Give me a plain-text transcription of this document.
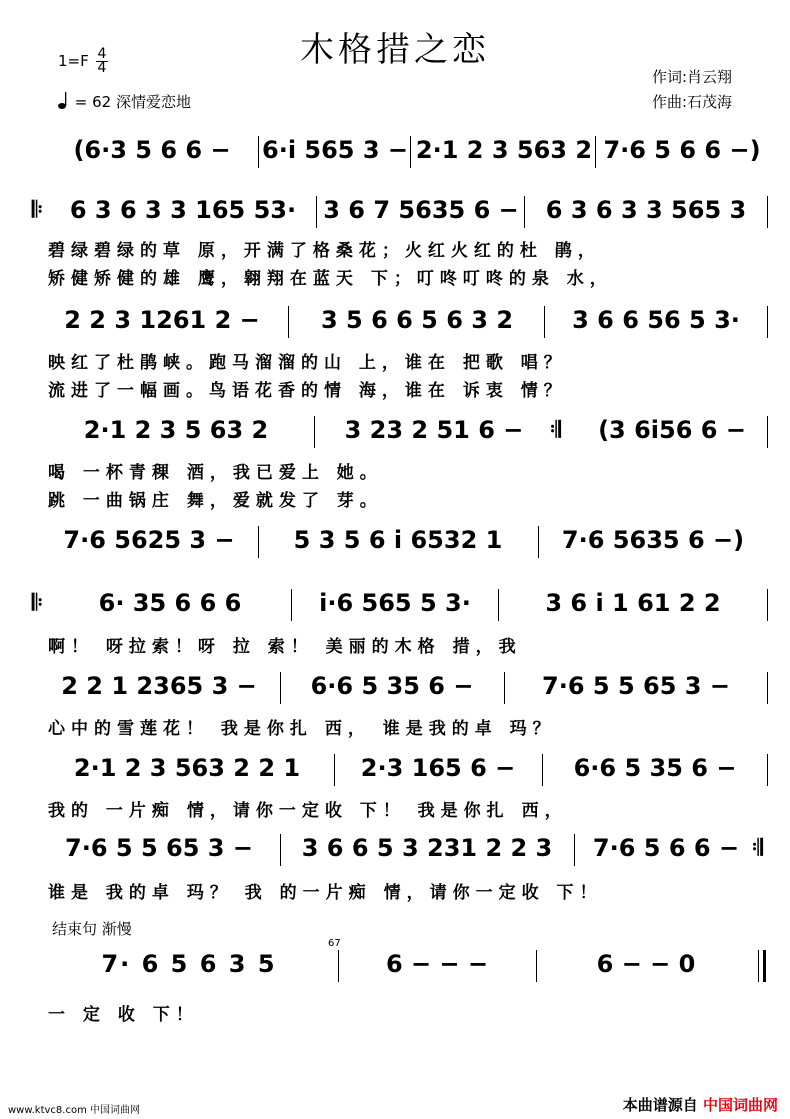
木格措之恋
$1=F \frac{4}{4}$
= 62 深情爱恋地
作词:肖云翔
作曲:石茂海
(6·3 5 6 6 −	6·i 565 3 − 2·1 2 3 563 2 7·6 5 6 6 −)
𝄆	6 3 6 3 3 165 53·	3 6 7 5635 6 −	6 3 6 3 3 565 3
碧绿碧绿的草 原，开满了格桑花；火红火红的杜 鹃，
矫健矫健的雄 鹰，翱翔在蓝天 下；叮咚叮咚的泉 水，
2 2 3 1261 2 −	3 5 6 6 5 6 3 2	3 6 6 56 5 3·
映红了杜鹃峡。跑马溜溜的山 上，谁在 把歌 唱？
流进了一幅画。鸟语花香的情 海，谁在 诉衷 情？
2·1 2 3 5 63 2	3 23 2 51 6 −	𝄇	(3 6i56 6 −
喝 一杯青稞 酒，我已爱上 她。
跳 一曲锅庄 舞，爱就发了 芽。
7·6 5625 3 −	5 3 5 6 i 6532 1	7·6 5635 6 −)
𝄆	6· 35 6 6 6	i·6 565 5 3·	3 6 i 1 61 2 2
啊！ 呀拉索！呀 拉 索！ 美丽的木格 措，我
2 2 1 2365 3 −	6·6 5 35 6 −	7·6 5 5 65 3 −
心中的雪莲花！ 我是你扎 西， 谁是我的卓 玛？
2·1 2 3 563 2 2 1	2·3 165 6 −	6·6 5 35 6 −
我的 一片痴 情，请你一定收 下！ 我是你扎 西，
7·6 5 5 65 3 −	3 6 6 5 3 231 2 2 3	7·6 5 6 6 − 𝄇
谁是 我的卓 玛？ 我 的一片痴 情，请你一定收 下！
结束句 渐慢
7· 6 5 6 3 5
67
6 − − −	6 − − 0
一 定 收 下！
www.ktvc8.com 中国词曲网	本曲谱源自 中国词曲网
